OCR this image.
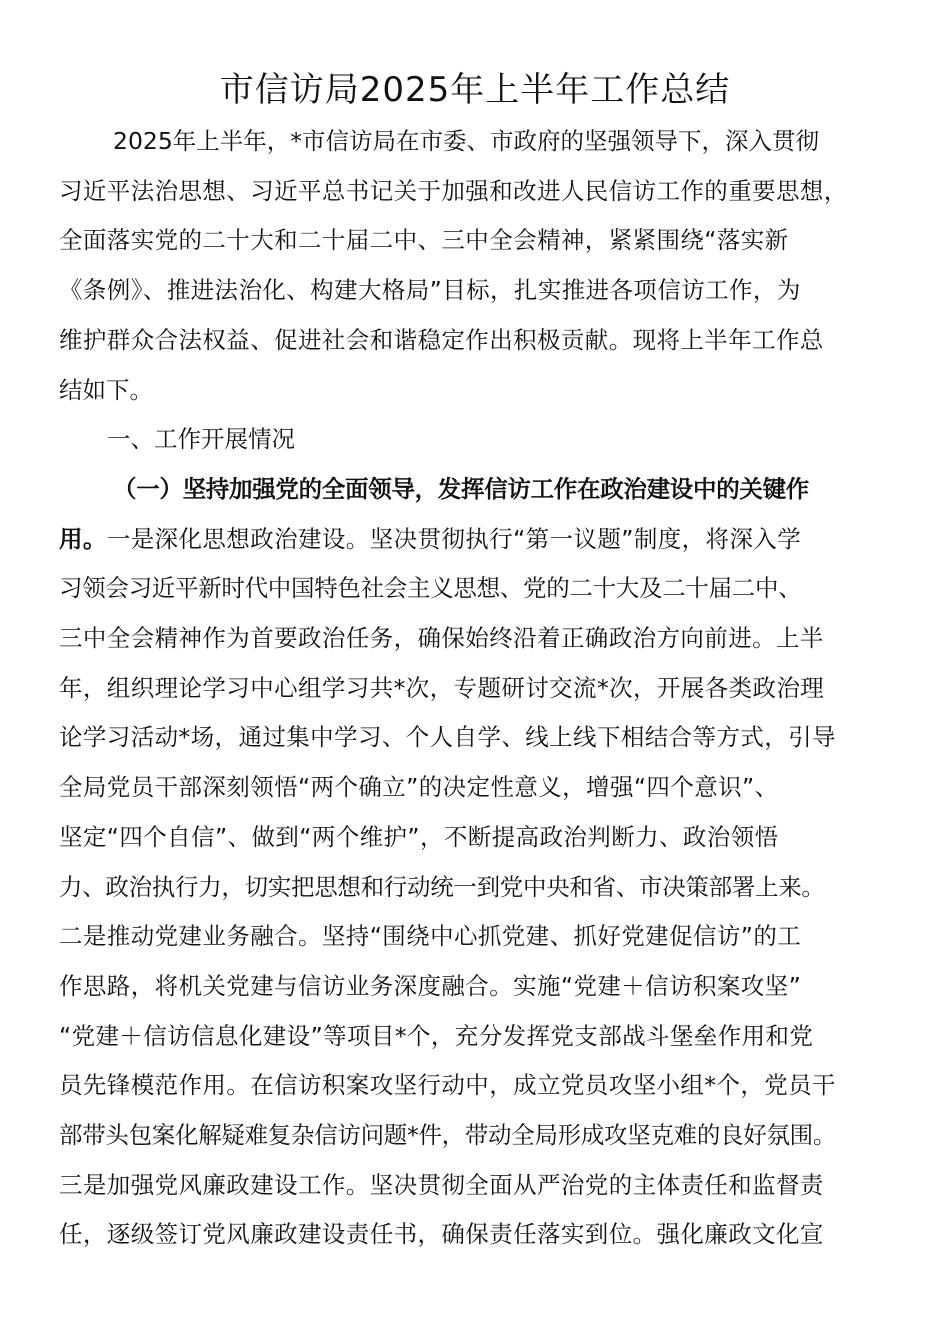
市信访局2025年上半年工作总结
2025年上半年，*市信访局在市委、市政府的坚强领导下，深入贯彻
习近平法治思想、习近平总书记关于加强和改进人民信访工作的重要思想，
全面落实党的二十大和二十届二中、三中全会精神，紧紧围绕“落实新
《条例》、推进法治化、构建大格局”目标，扎实推进各项信访工作，为
维护群众合法权益、促进社会和谐稳定作出积极贡献。现将上半年工作总
结如下。
一、工作开展情况
（一）坚持加强党的全面领导，发挥信访工作在政治建设中的关键作
用。一是深化思想政治建设。坚决贯彻执行“第一议题”制度，将深入学
习领会习近平新时代中国特色社会主义思想、党的二十大及二十届二中、
三中全会精神作为首要政治任务，确保始终沿着正确政治方向前进。上半
年，组织理论学习中心组学习共*次，专题研讨交流*次，开展各类政治理
论学习活动*场，通过集中学习、个人自学、线上线下相结合等方式，引导
全局党员干部深刻领悟“两个确立”的决定性意义，增强“四个意识”、
坚定“四个自信”、做到“两个维护”，不断提高政治判断力、政治领悟
力、政治执行力，切实把思想和行动统一到党中央和省、市决策部署上来。
二是推动党建业务融合。坚持“围绕中心抓党建、抓好党建促信访”的工
作思路，将机关党建与信访业务深度融合。实施“党建＋信访积案攻坚”
“党建＋信访信息化建设”等项目*个，充分发挥党支部战斗堡垒作用和党
员先锋模范作用。在信访积案攻坚行动中，成立党员攻坚小组*个，党员干
部带头包案化解疑难复杂信访问题*件，带动全局形成攻坚克难的良好氛围。
三是加强党风廉政建设工作。坚决贯彻全面从严治党的主体责任和监督责
任，逐级签订党风廉政建设责任书，确保责任落实到位。强化廉政文化宣
